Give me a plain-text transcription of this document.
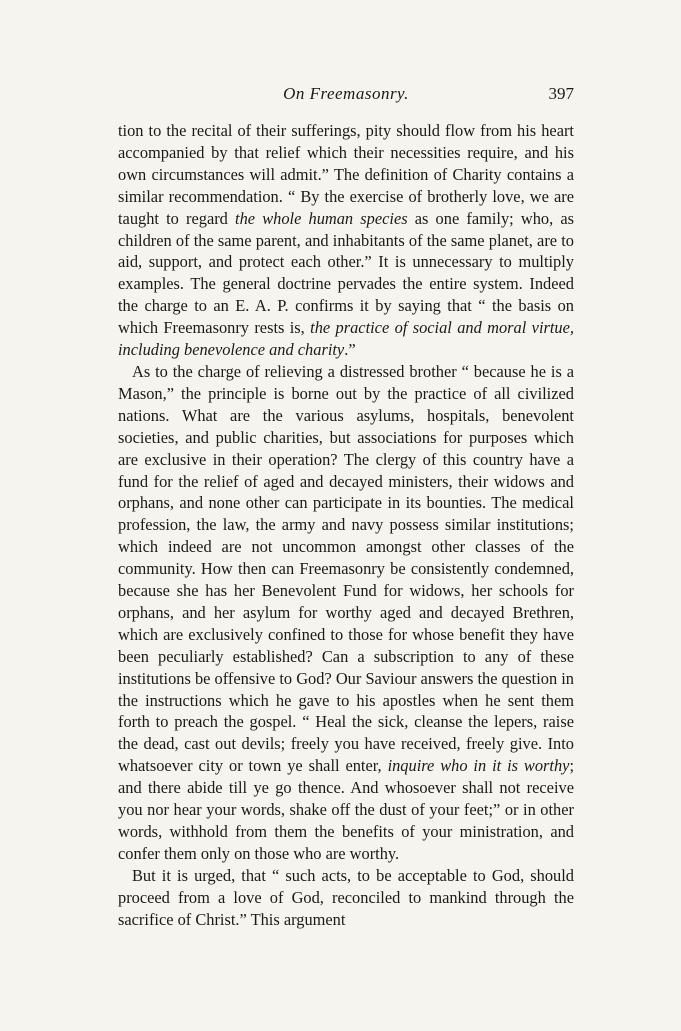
On Freemasonry.	397

tion to the recital of their sufferings, pity should flow from his heart accompanied by that relief which their necessities require, and his own circumstances will admit.” The definition of Charity contains a similar recommendation. “ By the exercise of brotherly love, we are taught to regard the whole human species as one family; who, as children of the same parent, and inhabitants of the same planet, are to aid, support, and protect each other.” It is unnecessary to multiply examples. The general doctrine pervades the entire system. Indeed the charge to an E. A. P. confirms it by saying that “ the basis on which Freemasonry rests is, the practice of social and moral virtue, including benevolence and charity.”

As to the charge of relieving a distressed brother “ because he is a Mason,” the principle is borne out by the practice of all civilized nations. What are the various asylums, hospitals, benevolent societies, and public charities, but associations for purposes which are exclusive in their operation? The clergy of this country have a fund for the relief of aged and decayed ministers, their widows and orphans, and none other can participate in its bounties. The medical profession, the law, the army and navy possess similar institutions; which indeed are not uncommon amongst other classes of the community. How then can Freemasonry be consistently condemned, because she has her Benevolent Fund for widows, her schools for orphans, and her asylum for worthy aged and decayed Brethren, which are exclusively confined to those for whose benefit they have been peculiarly established? Can a subscription to any of these institutions be offensive to God? Our Saviour answers the question in the instructions which he gave to his apostles when he sent them forth to preach the gospel. “ Heal the sick, cleanse the lepers, raise the dead, cast out devils; freely you have received, freely give. Into whatsoever city or town ye shall enter, inquire who in it is worthy; and there abide till ye go thence. And whosoever shall not receive you nor hear your words, shake off the dust of your feet;” or in other words, withhold from them the benefits of your ministration, and confer them only on those who are worthy.

But it is urged, that “ such acts, to be acceptable to God, should proceed from a love of God, reconciled to mankind through the sacrifice of Christ.” This argument
